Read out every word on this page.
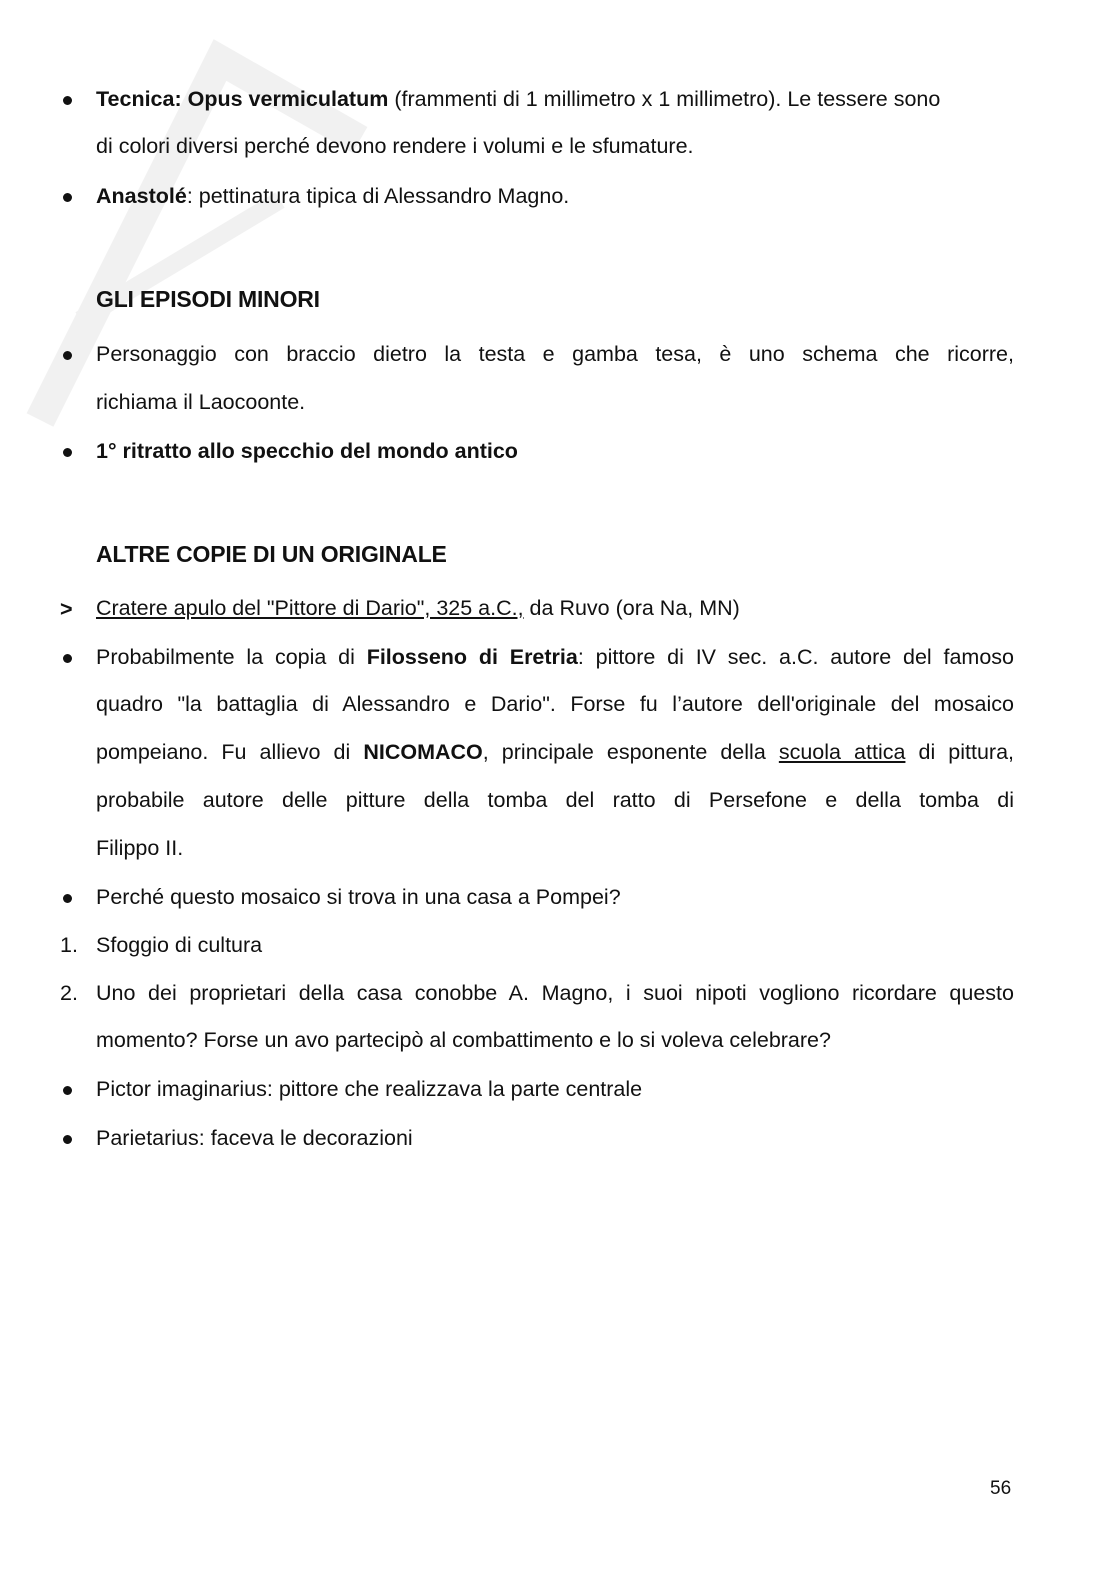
Tecnica: Opus vermiculatum (frammenti di 1 millimetro x 1 millimetro). Le tessere sono
di colori diversi perché devono rendere i volumi e le sfumature.
Anastolé: pettinatura tipica di Alessandro Magno.
GLI EPISODI MINORI
Personaggio con braccio dietro la testa e gamba tesa, è uno schema che ricorre,
richiama il Laocoonte.
1° ritratto allo specchio del mondo antico
ALTRE COPIE DI UN ORIGINALE
>	Cratere apulo del "Pittore di Dario", 325 a.C., da Ruvo (ora Na, MN)
Probabilmente la copia di Filosseno di Eretria: pittore di IV sec. a.C. autore del famoso
quadro "la battaglia di Alessandro e Dario". Forse fu l’autore dell'originale del mosaico
pompeiano. Fu allievo di NICOMACO, principale esponente della scuola attica di pittura,
probabile autore delle pitture della tomba del ratto di Persefone e della tomba di
Filippo II.
Perché questo mosaico si trova in una casa a Pompei?
1. Sfoggio di cultura
2. Uno dei proprietari della casa conobbe A. Magno, i suoi nipoti vogliono ricordare questo
momento? Forse un avo partecipò al combattimento e lo si voleva celebrare?
Pictor imaginarius: pittore che realizzava la parte centrale
Parietarius: faceva le decorazioni
56
